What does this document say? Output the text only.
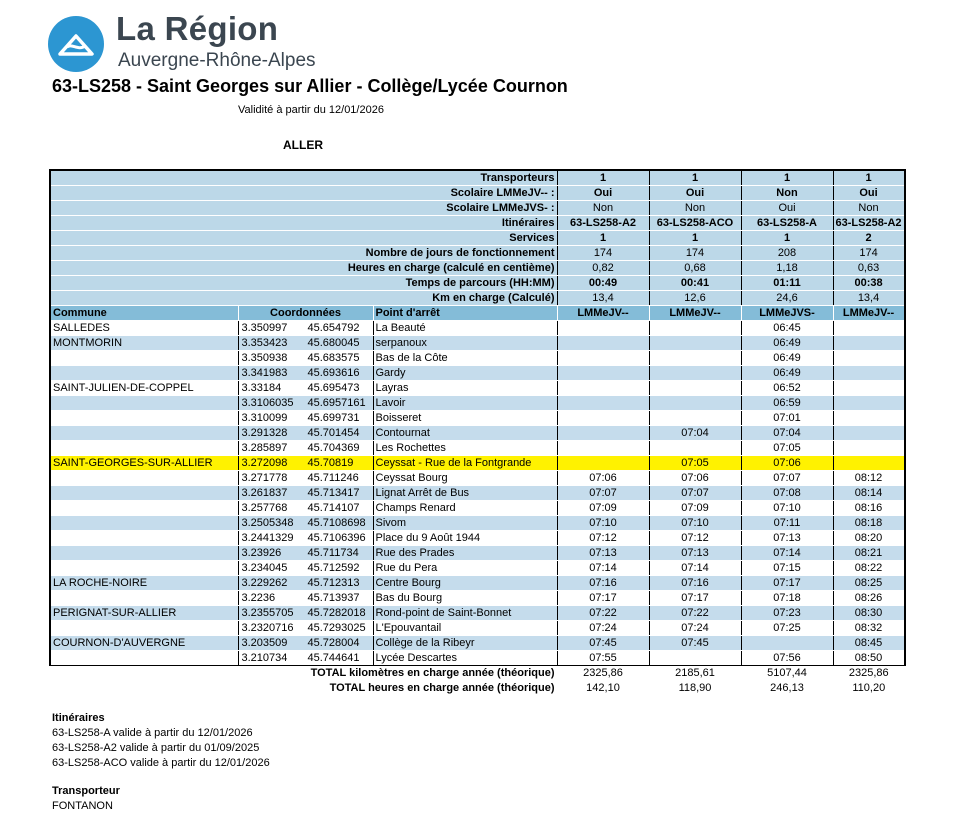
La Région
Auvergne-Rhône-Alpes
63-LS258 - Saint Georges sur Allier - Collège/Lycée Cournon
Validité à partir du 12/01/2026
ALLER
Transporteurs			1	1	1	1
Scolaire LMMeJV-- :			Oui	Oui	Non	Oui
Scolaire LMMeJVS- :			Non	Non	Oui	Non
Itinéraires			63-LS258-A2	63-LS258-ACO	63-LS258-A	63-LS258-A2
Services			1	1	1	2
Nombre de jours de fonctionnement			174	174	208	174
Heures en charge (calculé en centième)			0,82	0,68	1,18	0,63
Temps de parcours (HH:MM)			00:49	00:41	01:11	00:38
Km en charge (Calculé)			13,4	12,6	24,6	13,4
Commune	Coordonnées	Point d'arrêt	LMMeJV--	LMMeJV--	LMMeJVS-	LMMeJV--
SALLEDES	3.350997 45.654792	La Beauté			06:45	
MONTMORIN	3.353423 45.680045	serpanoux			06:49	
	3.350938 45.683575	Bas de la Côte			06:49	
	3.341983 45.693616	Gardy			06:49	
SAINT-JULIEN-DE-COPPEL	3.33184 45.695473	Layras			06:52	
	3.3106035 45.6957161	Lavoir			06:59	
	3.310099 45.699731	Boisseret			07:01	
	3.291328 45.701454	Contournat		07:04	07:04	
	3.285897 45.704369	Les Rochettes			07:05	
SAINT-GEORGES-SUR-ALLIER	3.272098 45.70819	Ceyssat - Rue de la Fontgrande		07:05	07:06	
	3.271778 45.711246	Ceyssat Bourg	07:06	07:06	07:07	08:12
	3.261837 45.713417	Lignat Arrêt de Bus	07:07	07:07	07:08	08:14
	3.257768 45.714107	Champs Renard	07:09	07:09	07:10	08:16
	3.2505348 45.7108698	Sivom	07:10	07:10	07:11	08:18
	3.2441329 45.7106396	Place du 9 Août 1944	07:12	07:12	07:13	08:20
	3.23926 45.711734	Rue des Prades	07:13	07:13	07:14	08:21
	3.234045 45.712592	Rue du Pera	07:14	07:14	07:15	08:22
LA ROCHE-NOIRE	3.229262 45.712313	Centre Bourg	07:16	07:16	07:17	08:25
	3.2236 45.713937	Bas du Bourg	07:17	07:17	07:18	08:26
PERIGNAT-SUR-ALLIER	3.2355705 45.7282018	Rond-point de Saint-Bonnet	07:22	07:22	07:23	08:30
	3.2320716 45.7293025	L'Epouvantail	07:24	07:24	07:25	08:32
COURNON-D'AUVERGNE	3.203509 45.728004	Collège de la Ribeyr	07:45	07:45		08:45
	3.210734 45.744641	Lycée Descartes	07:55		07:56	08:50
TOTAL kilomètres en charge année (théorique)			2325,86	2185,61	5107,44	2325,86
TOTAL heures en charge année (théorique)			142,10	118,90	246,13	110,20
Itinéraires
63-LS258-A valide à partir du 12/01/2026
63-LS258-A2 valide à partir du 01/09/2025
63-LS258-ACO valide à partir du 12/01/2026
Transporteur
FONTANON
